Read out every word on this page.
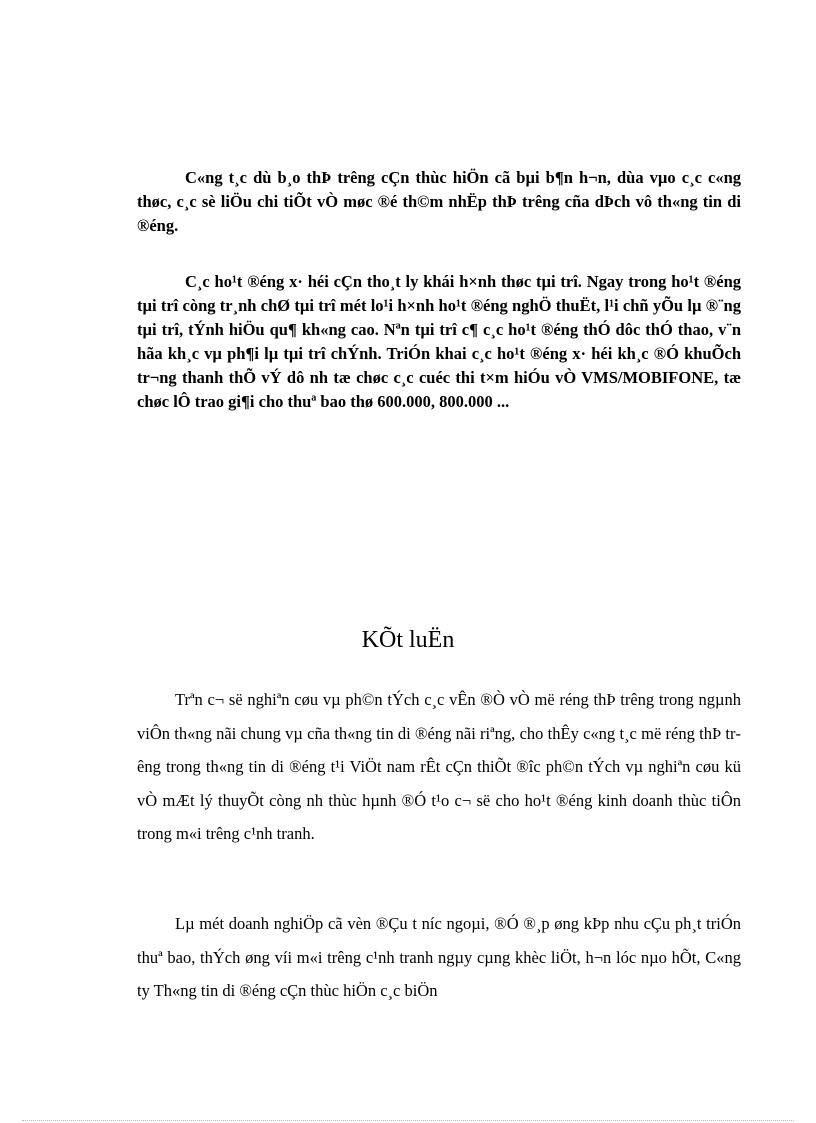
C«ng t¸c dù b¸o thÞ trêng cÇn thùc hiÖn cã bµi b¶n h¬n, dùa vµo c¸c c«ng thøc, c¸c sè liÖu chi tiÕt vÒ møc ®é th©m nhËp thÞ trêng cña dÞch vô th«ng tin di ®éng.

C¸c ho¹t ®éng x· héi cÇn tho¸t ly khái h×nh thøc tµi trî. Ngay trong ho¹t ®éng tµi trî còng tr¸nh chØ tµi trî mét lo¹i h×nh ho¹t ®éng nghÖ thuËt, l¹i chñ yÕu lµ ®¨ng tµi trî, tÝnh hiÖu qu¶ kh«ng cao. Nªn tµi trî c¶ c¸c ho¹t ®éng thÓ dôc thÓ thao, v¨n hãa kh¸c vµ ph¶i lµ tµi trî chÝnh. TriÓn khai c¸c ho¹t ®éng x· héi kh¸c ®Ó khuÕch tr¬ng thanh thÕ vÝ dô nh tæ chøc c¸c cuéc thi t×m hiÓu vÒ VMS/MOBIFONE, tæ chøc lÔ trao gi¶i cho thuª bao thø 600.000, 800.000 ...

KÕt luËn

Trªn c¬ së nghiªn cøu vµ ph©n tÝch c¸c vÊn ®Ò vÒ më réng thÞ trêng trong ngµnh viÔn th«ng nãi chung vµ cña th«ng tin di ®éng nãi riªng, cho thÊy c«ng t¸c më réng thÞ trêng trong th«ng tin di ®éng t¹i ViÖt nam rÊt cÇn thiÕt ®îc ph©n tÝch vµ nghiªn cøu kü vÒ mÆt lý thuyÕt còng nh thùc hµnh ®Ó t¹o c¬ së cho ho¹t ®éng kinh doanh thùc tiÔn trong m«i trêng c¹nh tranh.

Lµ mét doanh nghiÖp cã vèn ®Çu t níc ngoµi, ®Ó ®¸p øng kÞp nhu cÇu ph¸t triÓn thuª bao, thÝch øng víi m«i trêng c¹nh tranh ngµy cµng khèc liÖt, h¬n lóc nµo hÕt, C«ng ty Th«ng tin di ®éng cÇn thùc hiÖn c¸c biÖn
